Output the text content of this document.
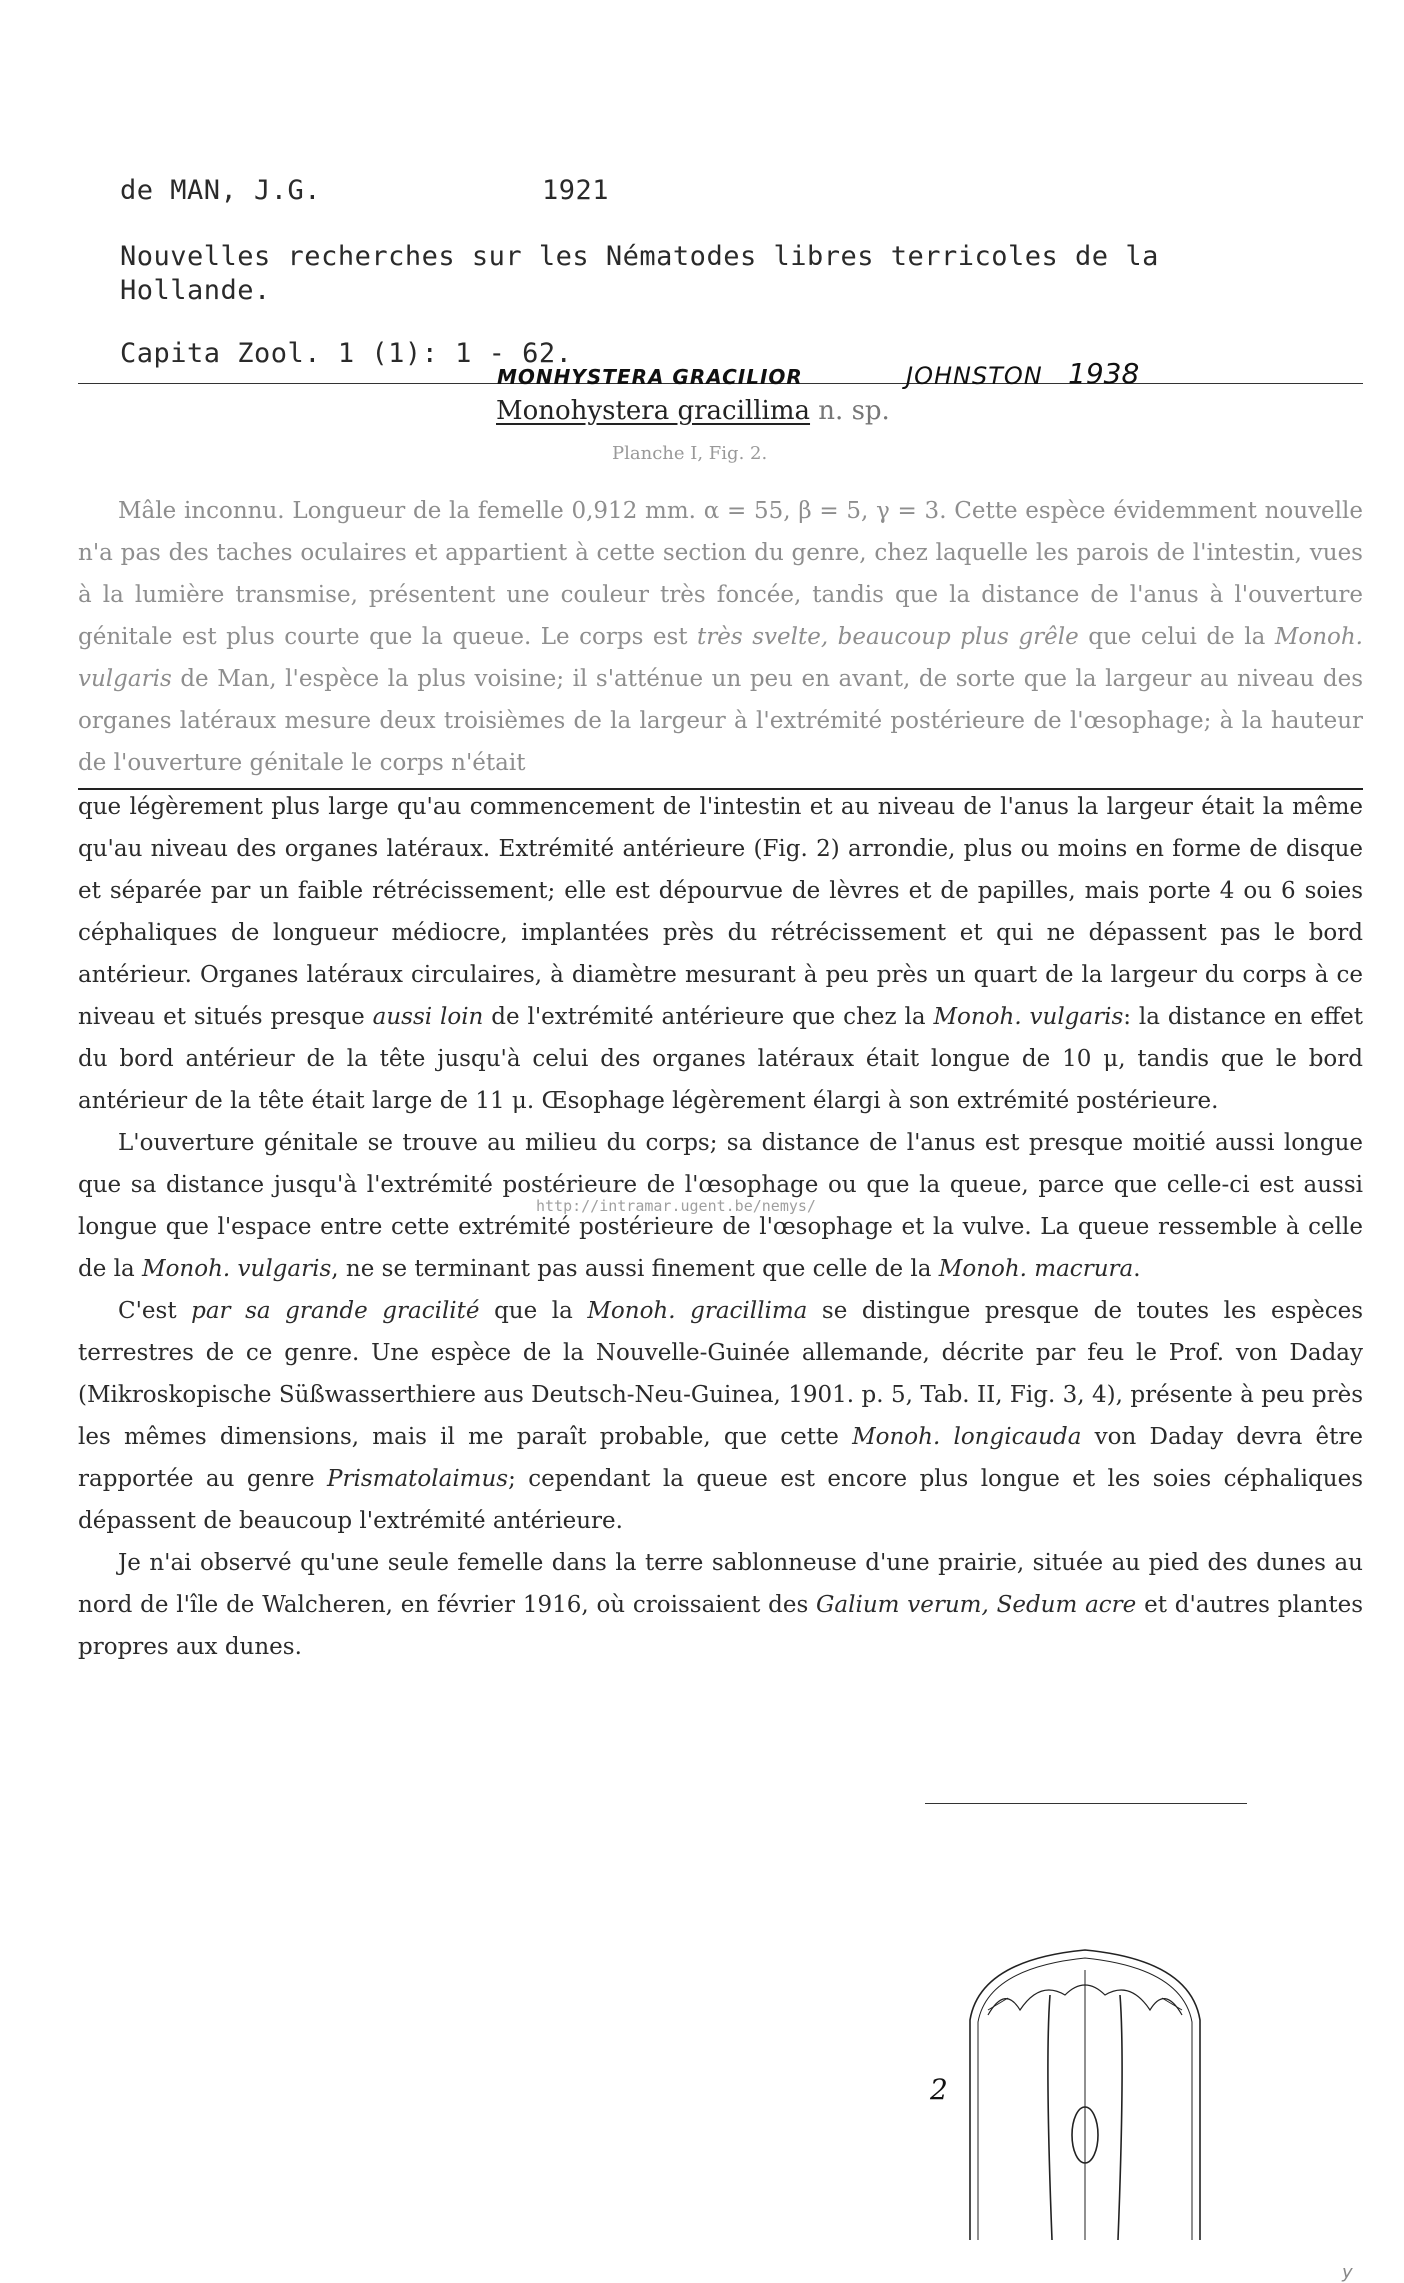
de MAN, J.G.	1921
Nouvelles recherches sur les Nématodes libres terricoles de la Hollande.
Capita Zool. 1 (1): 1 - 62.
MONHYSTERA GRACILIOR	JOHNSTON 1938
Monohystera gracillima n. sp.
Planche I, Fig. 2.

Mâle inconnu. Longueur de la femelle 0,912 mm. α = 55, β = 5, γ = 3. Cette espèce évidemment nouvelle n'a pas des taches oculaires et appartient à cette section du genre, chez laquelle les parois de l'intestin, vues à la lumière transmise, présentent une couleur très foncée, tandis que la distance de l'anus à l'ouverture génitale est plus courte que la queue. Le corps est très svelte, beaucoup plus grêle que celui de la Monoh. vulgaris de Man, l'espèce la plus voisine; il s'atténue un peu en avant, de sorte que la largeur au niveau des organes latéraux mesure deux troisièmes de la largeur à l'extrémité postérieure de l'œsophage; à la hauteur de l'ouverture génitale le corps n'était

que légèrement plus large qu'au commencement de l'intestin et au niveau de l'anus la largeur était la même qu'au niveau des organes latéraux. Extrémité antérieure (Fig. 2) arrondie, plus ou moins en forme de disque et séparée par un faible rétrécissement; elle est dépourvue de lèvres et de papilles, mais porte 4 ou 6 soies céphaliques de longueur médiocre, implantées près du rétrécissement et qui ne dépassent pas le bord antérieur. Organes latéraux circulaires, à diamètre mesurant à peu près un quart de la largeur du corps à ce niveau et situés presque aussi loin de l'extrémité antérieure que chez la Monoh. vulgaris: la distance en effet du bord antérieur de la tête jusqu'à celui des organes latéraux était longue de 10 μ, tandis que le bord antérieur de la tête était large de 11 μ. Œsophage légèrement élargi à son extrémité postérieure.

L'ouverture génitale se trouve au milieu du corps; sa distance de l'anus est presque moitié aussi longue que sa distance jusqu'à l'extrémité postérieure de l'œsophage ou que la queue, parce que celle-ci est aussi longue que l'espace entre cette extrémité postérieure de l'œsophage et la vulve. La queue ressemble à celle de la Monoh. vulgaris, ne se terminant pas aussi finement que celle de la Monoh. macrura.

C'est par sa grande gracilité que la Monoh. gracillima se distingue presque de toutes les espèces terrestres de ce genre. Une espèce de la Nouvelle-Guinée allemande, décrite par feu le Prof. von Daday (Mikroskopische Süßwasserthiere aus Deutsch-Neu-Guinea, 1901. p. 5, Tab. II, Fig. 3, 4), présente à peu près les mêmes dimensions, mais il me paraît probable, que cette Monoh. longicauda von Daday devra être rapportée au genre Prismatolaimus; cependant la queue est encore plus longue et les soies céphaliques dépassent de beaucoup l'extrémité antérieure.

Je n'ai observé qu'une seule femelle dans la terre sablonneuse d'une prairie, située au pied des dunes au nord de l'île de Walcheren, en février 1916, où croissaient des Galium verum, Sedum acre et d'autres plantes propres aux dunes.

http://intramar.ugent.be/nemys/
2
y
